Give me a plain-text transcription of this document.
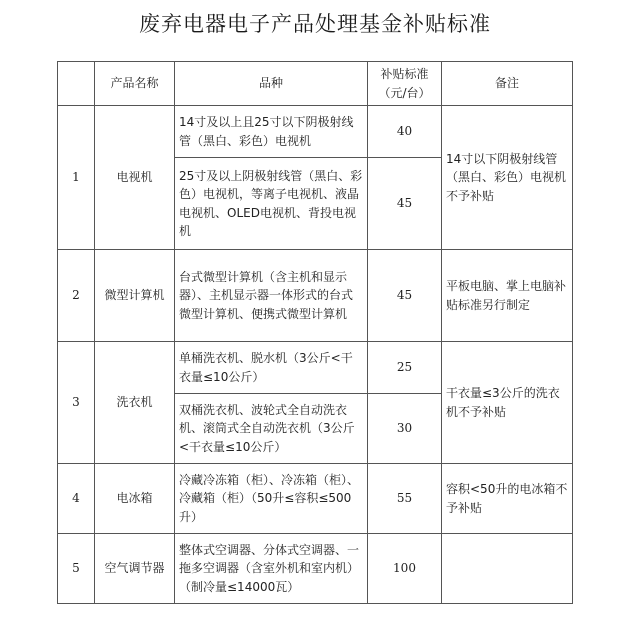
废弃电器电子产品处理基金补贴标准
	产品名称	品种	补贴标准（元/台）	备注
1	电视机	14寸及以上且25寸以下阴极射线管（黑白、彩色）电视机	40	14寸以下阴极射线管（黑白、彩色）电视机不予补贴
		25寸及以上阴极射线管（黑白、彩色）电视机，等离子电视机、液晶电视机、OLED电视机、背投电视机	45	
2	微型计算机	台式微型计算机（含主机和显示器）、主机显示器一体形式的台式微型计算机、便携式微型计算机	45	平板电脑、掌上电脑补贴标准另行制定
3	洗衣机	单桶洗衣机、脱水机（3公斤<干衣量≤10公斤）	25	干衣量≤3公斤的洗衣机不予补贴
		双桶洗衣机、波轮式全自动洗衣机、滚筒式全自动洗衣机（3公斤<干衣量≤10公斤）	30	
4	电冰箱	冷藏冷冻箱（柜）、冷冻箱（柜）、冷藏箱（柜）（50升≤容积≤500升）	55	容积<50升的电冰箱不予补贴
5	空气调节器	整体式空调器、分体式空调器、一拖多空调器（含室外机和室内机）（制冷量≤14000瓦）	100	
